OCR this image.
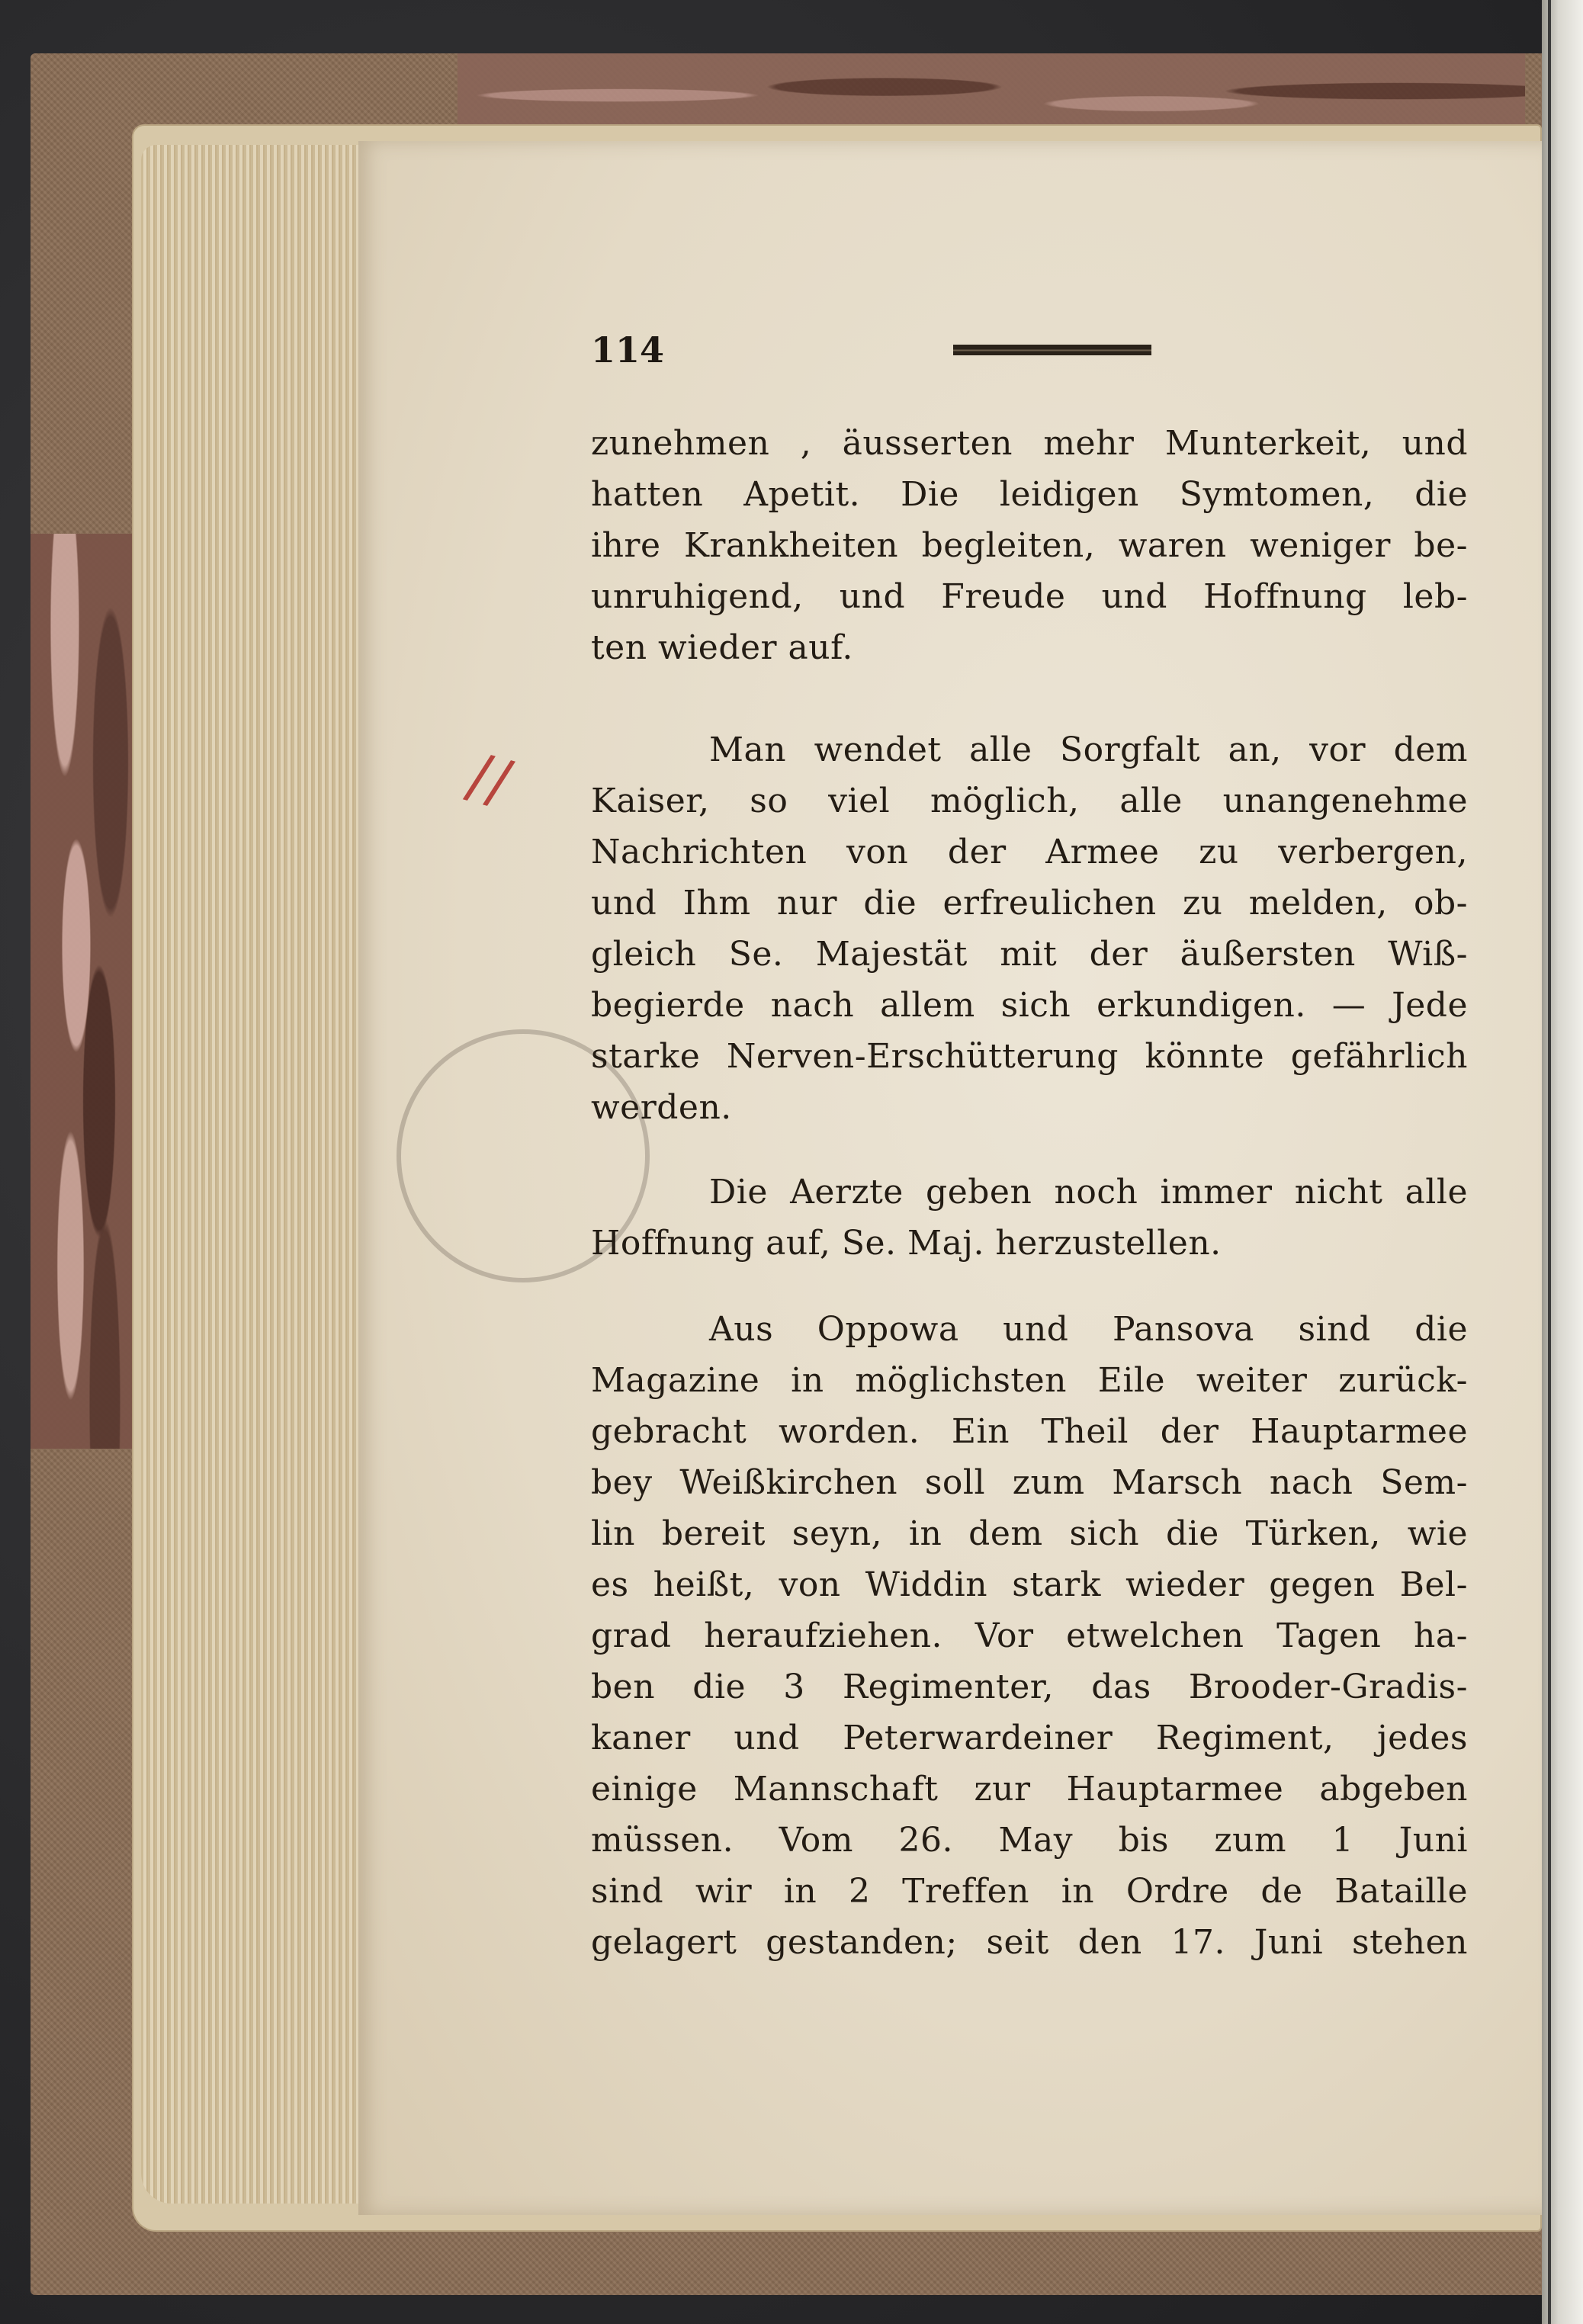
//
114
zunehmen , äusserten mehr Munterkeit, und
hatten Apetit. Die leidigen Symtomen, die
ihre Krankheiten begleiten, waren weniger be-
unruhigend, und Freude und Hoffnung leb-
ten wieder auf.
Man wendet alle Sorgfalt an, vor dem
Kaiser, so viel möglich, alle unangenehme
Nachrichten von der Armee zu verbergen,
und Ihm nur die erfreulichen zu melden, ob-
gleich Se. Majestät mit der äußersten Wiß-
begierde nach allem sich erkundigen. — Jede
starke Nerven-Erschütterung könnte gefährlich
werden.
Die Aerzte geben noch immer nicht alle
Hoffnung auf, Se. Maj. herzustellen.
Aus Oppowa und Pansova sind die
Magazine in möglichsten Eile weiter zurück-
gebracht worden. Ein Theil der Hauptarmee
bey Weißkirchen soll zum Marsch nach Sem-
lin bereit seyn, in dem sich die Türken, wie
es heißt, von Widdin stark wieder gegen Bel-
grad heraufziehen. Vor etwelchen Tagen ha-
ben die 3 Regimenter, das Brooder-Gradis-
kaner und Peterwardeiner Regiment, jedes
einige Mannschaft zur Hauptarmee abgeben
müssen. Vom 26. May bis zum 1 Juni
sind wir in 2 Treffen in Ordre de Bataille
gelagert gestanden; seit den 17. Juni stehen
